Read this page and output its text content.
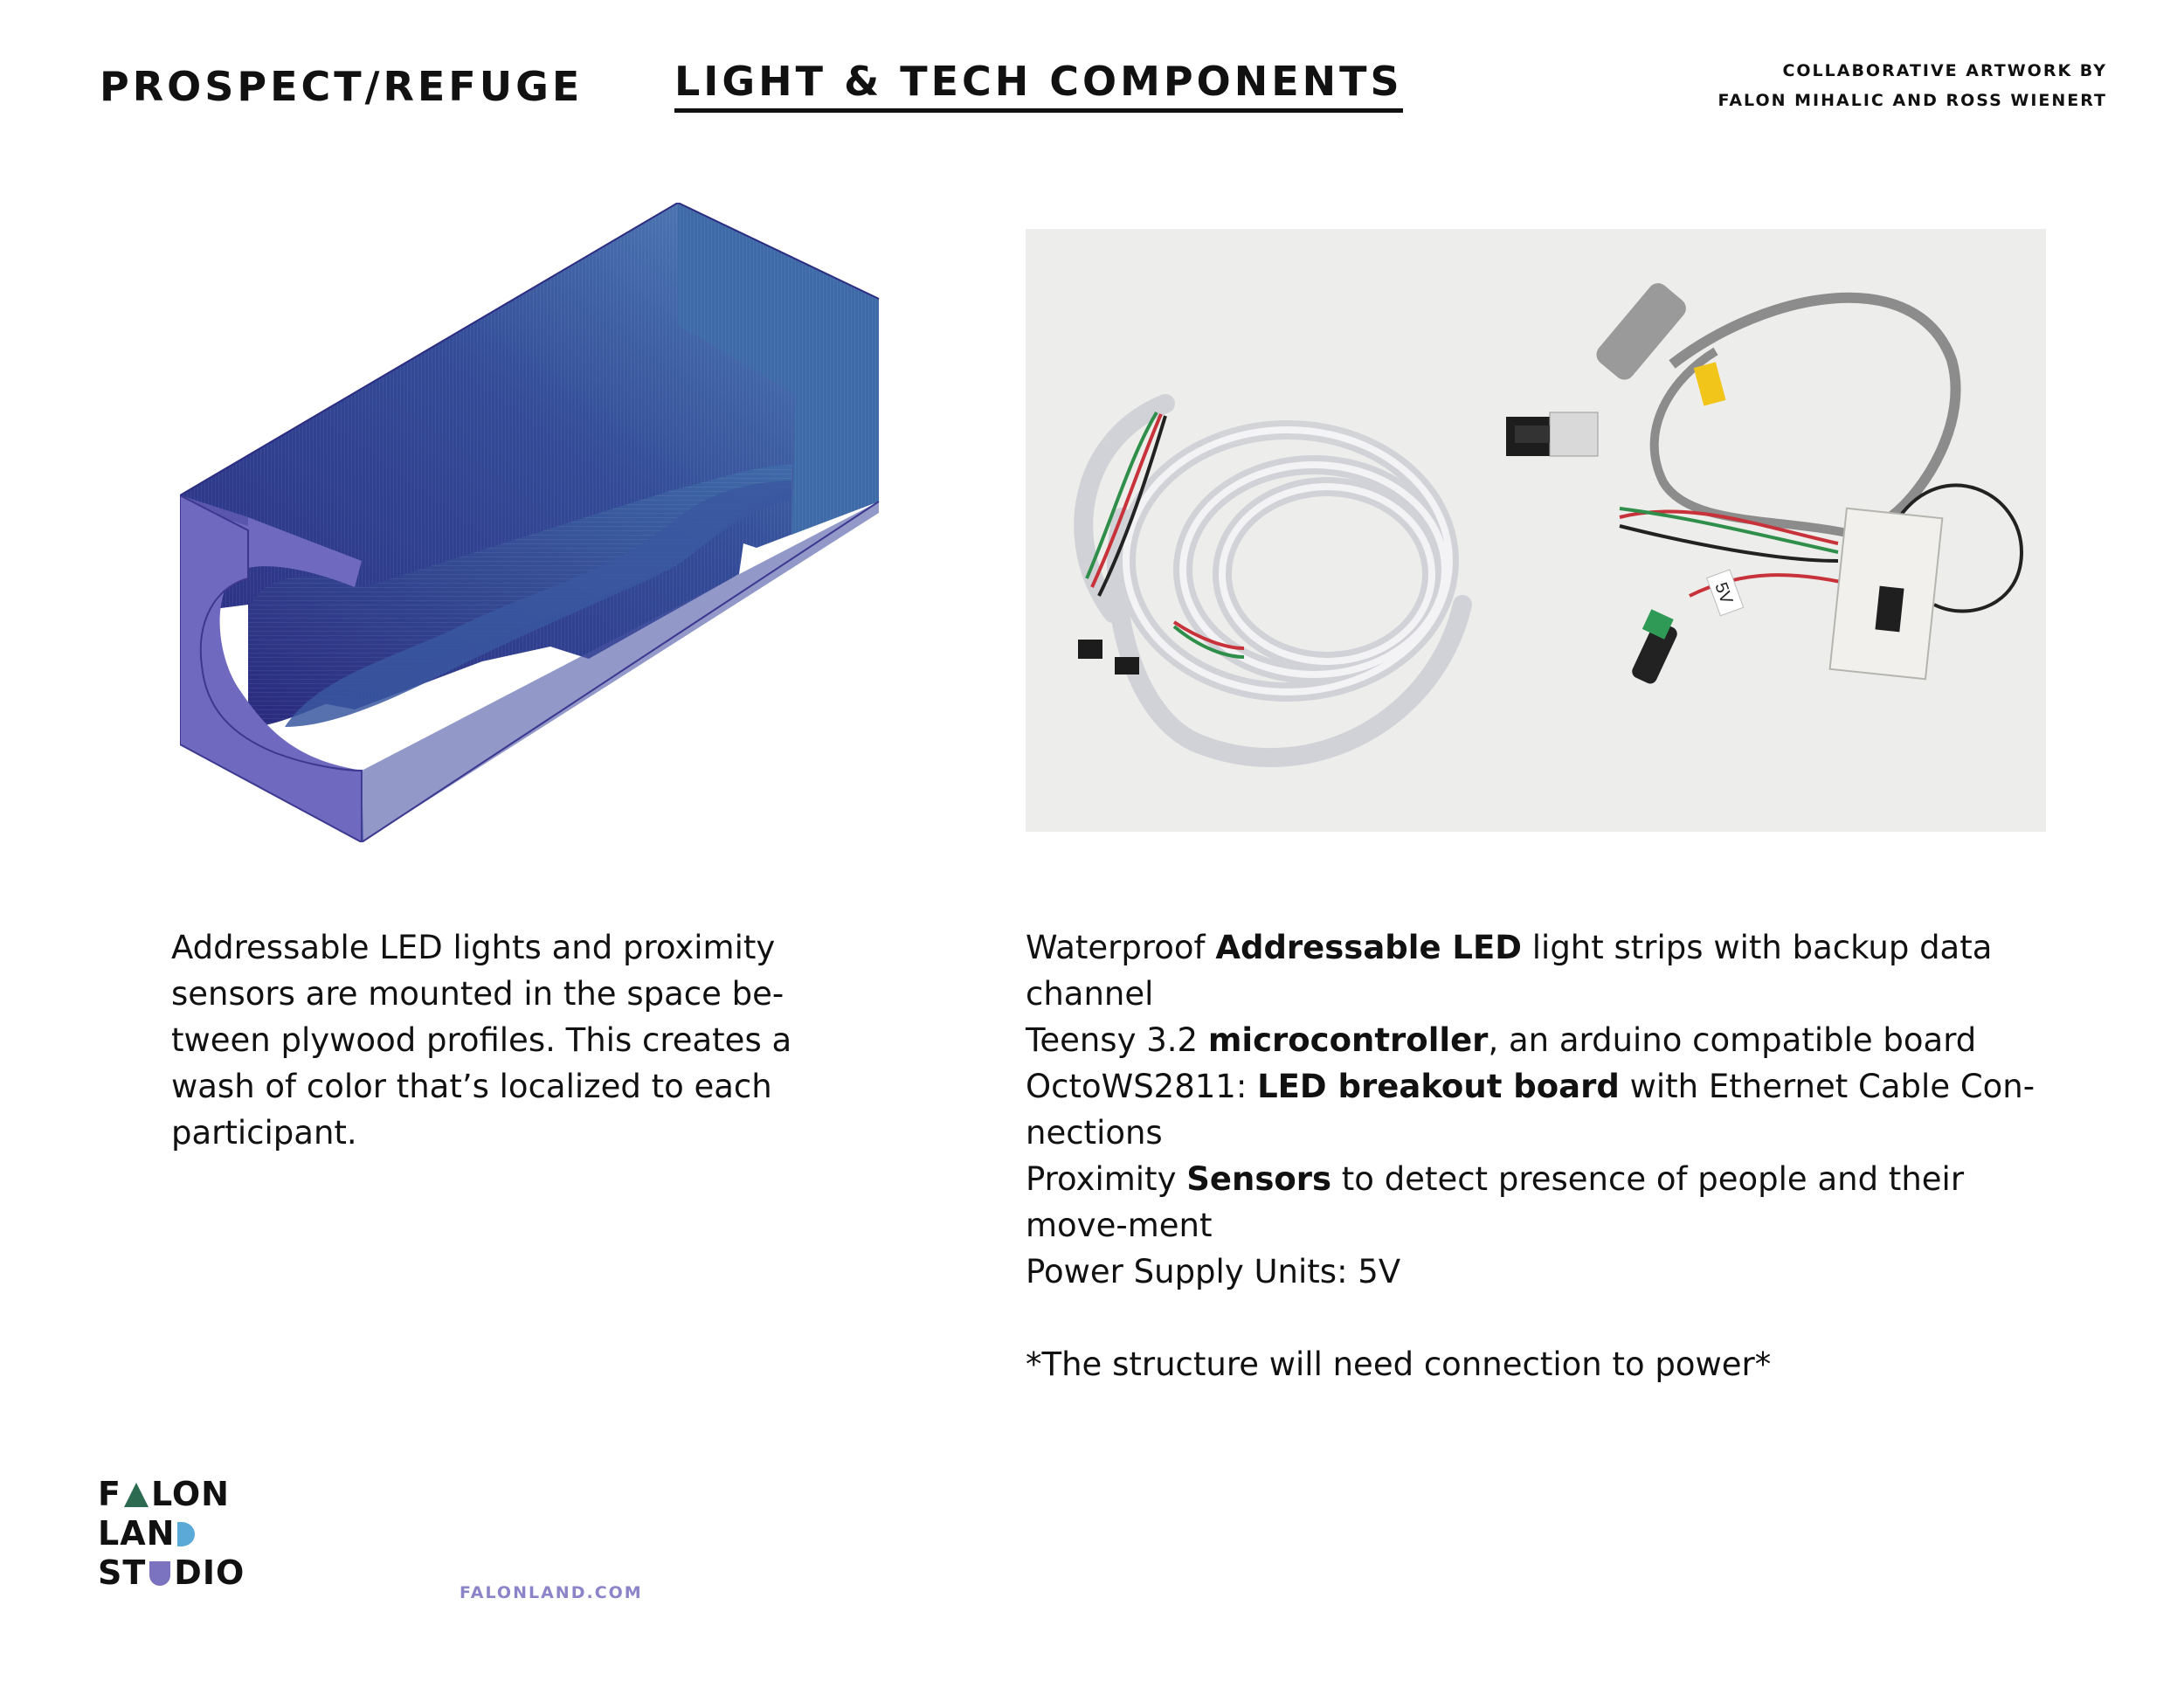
PROSPECT/REFUGE LIGHT & TECH COMPONENTS	COLLABORATIVE ARTWORK BY
FALON MIHALIC AND ROSS WIENERT
5V

Addressable LED lights and proximity sensors are mounted in the space be-tween plywood profiles. This creates a wash of color that’s localized to each participant.

Waterproof Addressable LED light strips with backup data channel

Teensy 3.2 microcontroller, an arduino compatible board

OctoWS2811: LED breakout board with Ethernet Cable Con-nections

Proximity Sensors to detect presence of people and their move-ment

Power Supply Units: 5V

*The structure will need connection to power*

F LON
LAN
ST DIO
FALONLAND.COM
